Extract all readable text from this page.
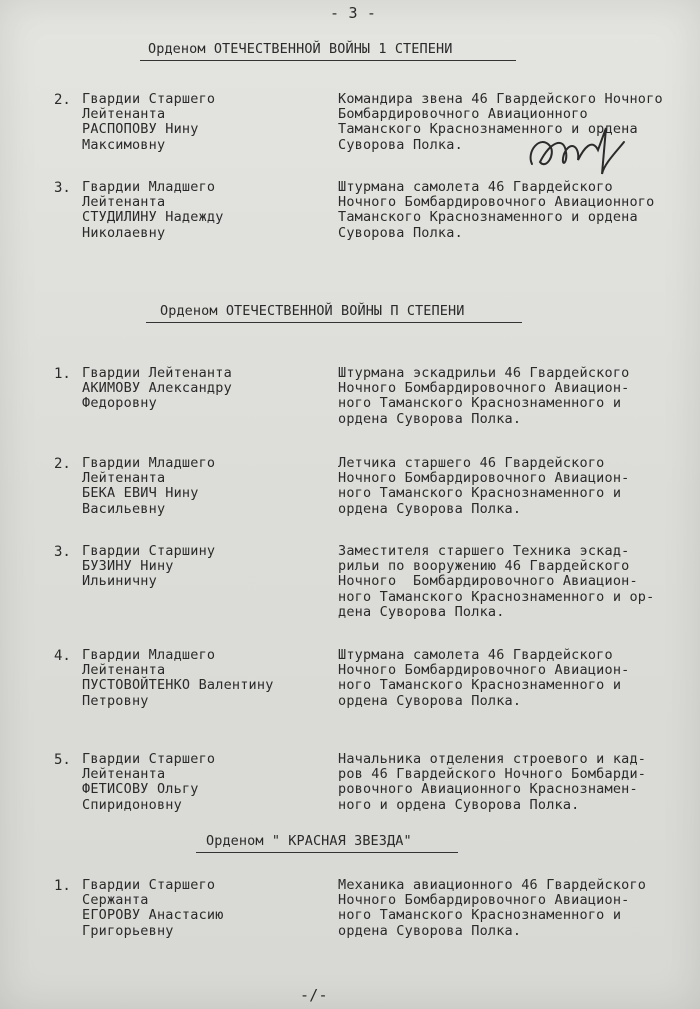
- 3 -
Орденом ОТЕЧЕСТВЕННОЙ ВОЙНЫ 1 СТЕПЕНИ
2. Гвардии Старшего
Лейтенанта
РАСПОПОВУ Нину
Максимовну
Командира звена 46 Гвардейского Ночного
Бомбардировочного Авиационного
Таманского Краснознаменного и ордена
Суворова Полка.
3. Гвардии Младшего
Лейтенанта
СТУДИЛИНУ Надежду
Николаевну
Штурмана самолета 46 Гвардейского
Ночного Бомбардировочного Авиационного
Таманского Краснознаменного и ордена
Суворова Полка.
Орденом ОТЕЧЕСТВЕННОЙ ВОЙНЫ П СТЕПЕНИ
1. Гвардии Лейтенанта
АКИМОВУ Александру
Федоровну
Штурмана эскадрильи 46 Гвардейского
Ночного Бомбардировочного Авиацион-
ного Таманского Краснознаменного и
ордена Суворова Полка.
2. Гвардии Младшего
Лейтенанта
БЕКА ЕВИЧ Нину
Васильевну
Летчика старшего 46 Гвардейского
Ночного Бомбардировочного Авиацион-
ного Таманского Краснознаменного и
ордена Суворова Полка.
3. Гвардии Старшину
БУЗИНУ Нину
Ильиничну
Заместителя старшего Техника эскад-
рильи по вооружению 46 Гвардейского
Ночного  Бомбардировочного Авиацион-
ного Таманского Краснознаменного и ор-
дена Суворова Полка.
4. Гвардии Младшего
Лейтенанта
ПУСТОВОЙТЕНКО Валентину
Петровну
Штурмана самолета 46 Гвардейского
Ночного Бомбардировочного Авиацион-
ного Таманского Краснознаменного и
ордена Суворова Полка.
5. Гвардии Старшего
Лейтенанта
ФЕТИСОВУ Ольгу
Спиридоновну
Начальника отделения строевого и кад-
ров 46 Гвардейского Ночного Бомбарди-
ровочного Авиационного Краснознамен-
ного и ордена Суворова Полка.
Орденом " КРАСНАЯ ЗВЕЗДА"
1. Гвардии Старшего
Сержанта
ЕГОРОВУ Анастасию
Григорьевну
Механика авиационного 46 Гвардейского
Ночного Бомбардировочного Авиацион-
ного Таманского Краснознаменного и
ордена Суворова Полка.
-/-
